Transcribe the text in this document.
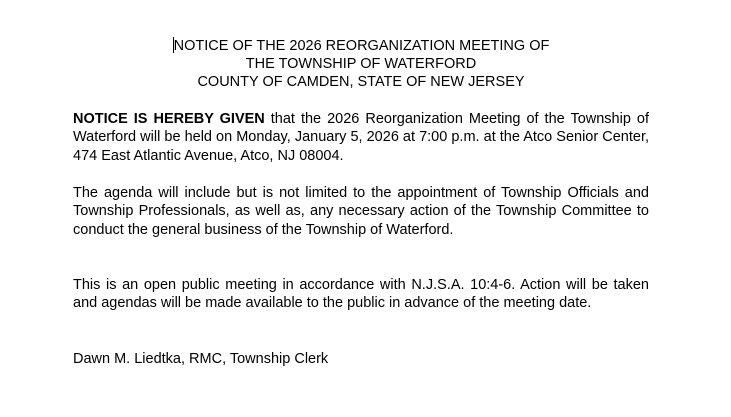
NOTICE OF THE 2026 REORGANIZATION MEETING OF
THE TOWNSHIP OF WATERFORD
COUNTY OF CAMDEN, STATE OF NEW JERSEY

NOTICE IS HEREBY GIVEN that the 2026 Reorganization Meeting of the Township of Waterford will be held on Monday, January 5, 2026 at 7:00 p.m. at the Atco Senior Center, 474 East Atlantic Avenue, Atco, NJ 08004.

The agenda will include but is not limited to the appointment of Township Officials and Township Professionals, as well as, any necessary action of the Township Committee to conduct the general business of the Township of Waterford.

This is an open public meeting in accordance with N.J.S.A. 10:4-6. Action will be taken and agendas will be made available to the public in advance of the meeting date.

Dawn M. Liedtka, RMC, Township Clerk
